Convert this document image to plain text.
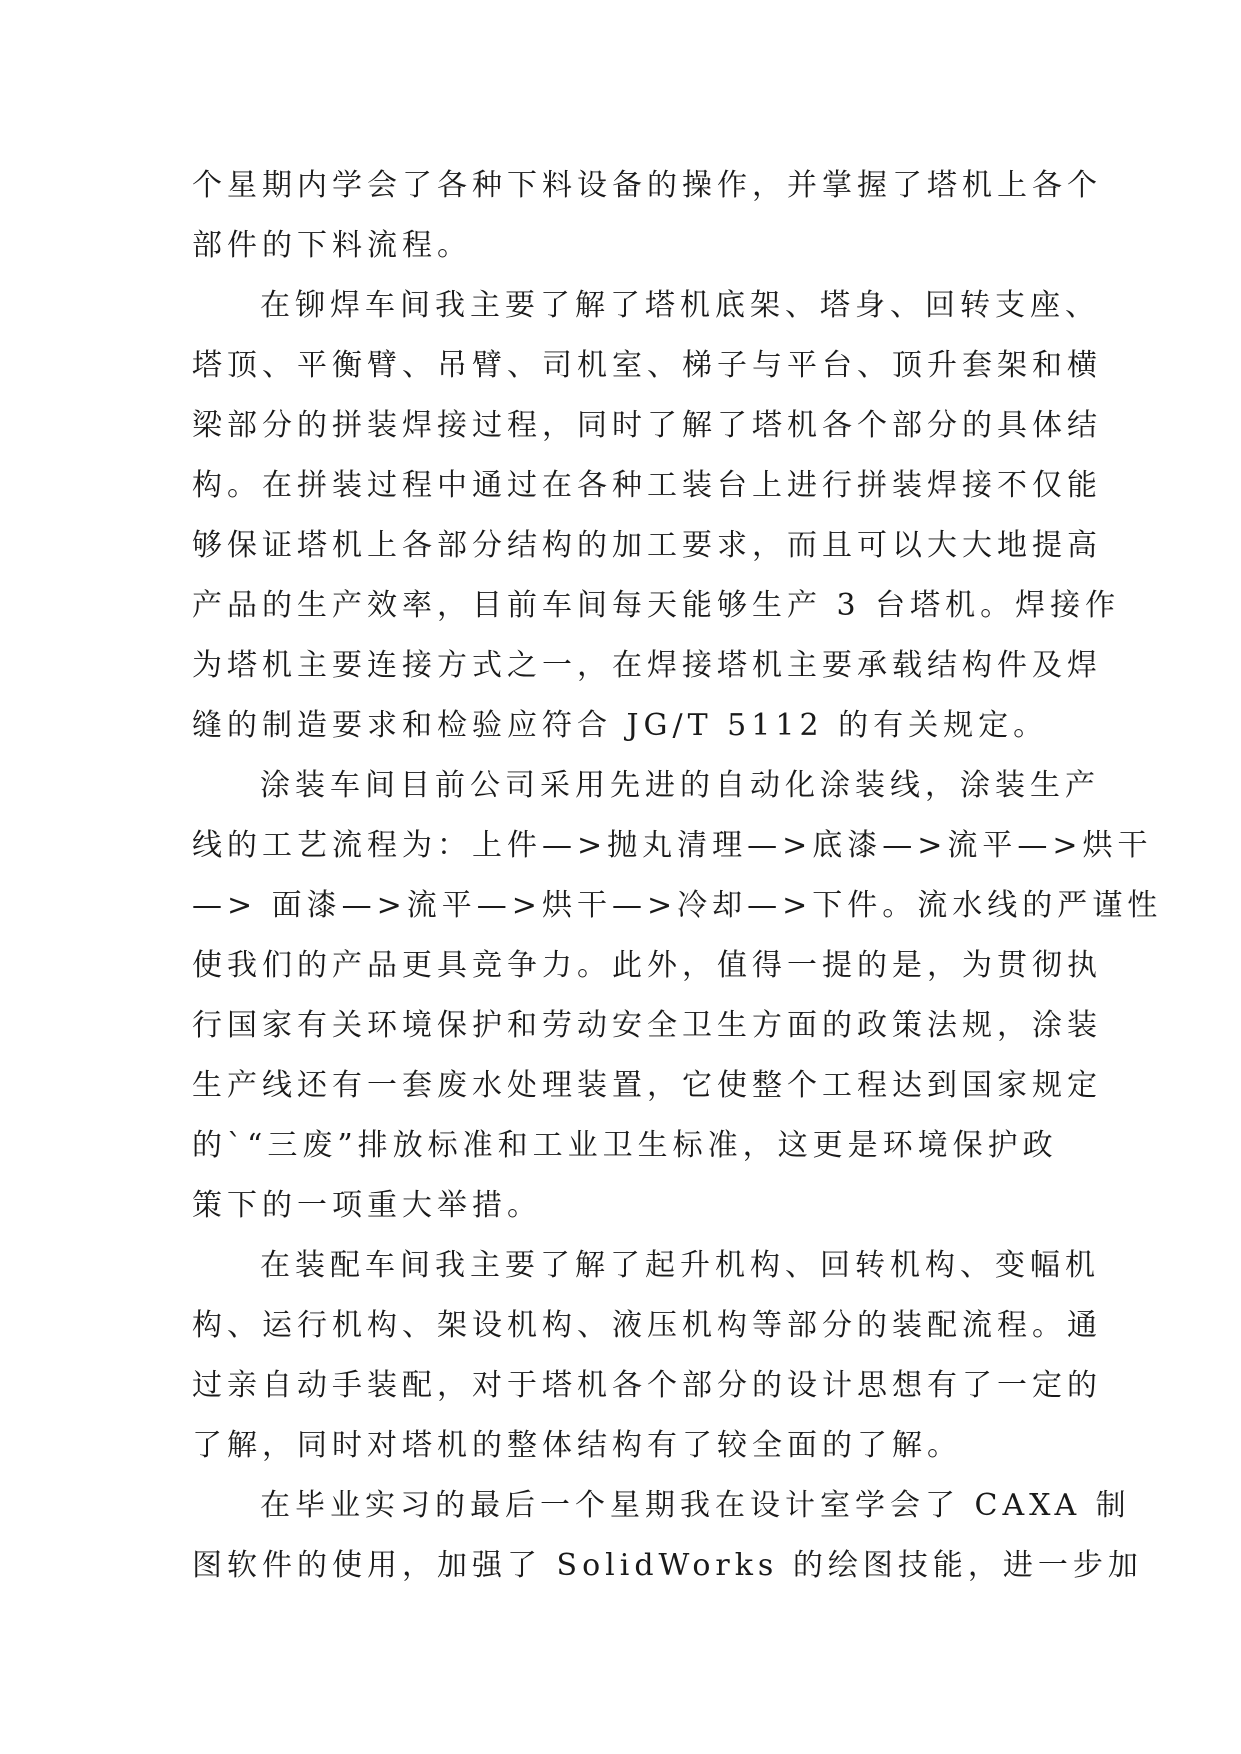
个星期内学会了各种下料设备的操作，并掌握了塔机上各个
部件的下料流程。
在铆焊车间我主要了解了塔机底架、塔身、回转支座、
塔顶、平衡臂、吊臂、司机室、梯子与平台、顶升套架和横
梁部分的拼装焊接过程，同时了解了塔机各个部分的具体结
构。在拼装过程中通过在各种工装台上进行拼装焊接不仅能
够保证塔机上各部分结构的加工要求，而且可以大大地提高
产品的生产效率，目前车间每天能够生产 3 台塔机。焊接作
为塔机主要连接方式之一，在焊接塔机主要承载结构件及焊
缝的制造要求和检验应符合 JG/T 5112 的有关规定。
涂装车间目前公司采用先进的自动化涂装线，涂装生产
线的工艺流程为：上件—>抛丸清理—>底漆—>流平—>烘干
—> 面漆—>流平—>烘干—>冷却—>下件。流水线的严谨性
使我们的产品更具竞争力。此外，值得一提的是，为贯彻执
行国家有关环境保护和劳动安全卫生方面的政策法规，涂装
生产线还有一套废水处理装置，它使整个工程达到国家规定
的`“三废”排放标准和工业卫生标准，这更是环境保护政
策下的一项重大举措。
在装配车间我主要了解了起升机构、回转机构、变幅机
构、运行机构、架设机构、液压机构等部分的装配流程。通
过亲自动手装配，对于塔机各个部分的设计思想有了一定的
了解，同时对塔机的整体结构有了较全面的了解。
在毕业实习的最后一个星期我在设计室学会了 CAXA 制
图软件的使用，加强了 SolidWorks 的绘图技能，进一步加
